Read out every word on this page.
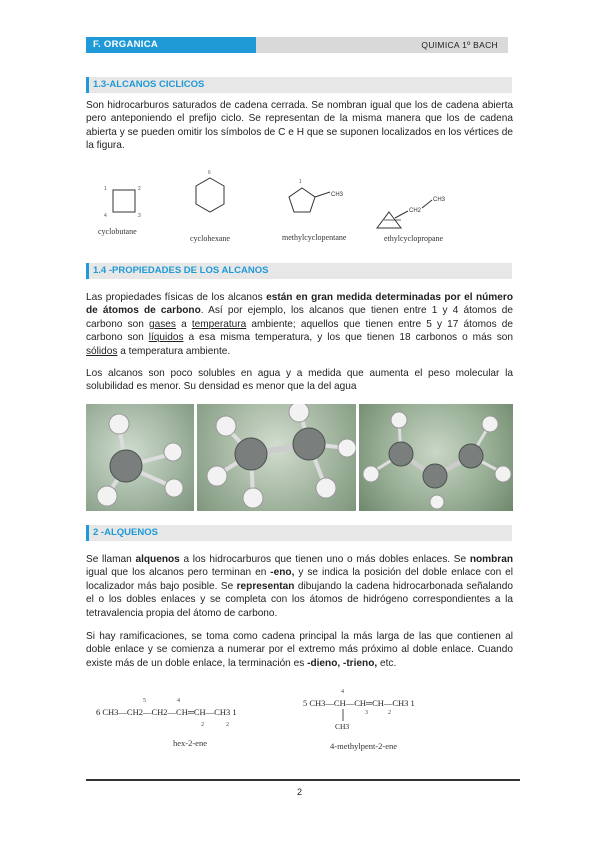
F. ORGANICA	QUIMICA 1º BACH
1.3-ALCANOS CICLICOS
Son hidrocarburos saturados de cadena cerrada. Se nombran igual que los de cadena abierta pero anteponiendo el prefijo ciclo. Se representan de la misma manera que los de cadena abierta y se pueden omitir los símbolos de C e H que se suponen localizados en los vértices de la figura.
1	2
4	3
6
CH3
1
CH2
CH3
cyclobutane
cyclohexane	methylcyclopentane	ethylcyclopropane
1.4 -PROPIEDADES DE LOS ALCANOS
Las propiedades físicas de los alcanos están en gran medida determinadas por el número de átomos de carbono. Así por ejemplo, los alcanos que tienen entre 1 y 4 átomos de carbono son gases a temperatura ambiente; aquellos que tienen entre 5 y 17 átomos de carbono son líquidos a esa misma temperatura, y los que tienen 18 carbonos o más son sólidos a temperatura ambiente.
Los alcanos son poco solubles en agua y a medida que aumenta el peso molecular la solubilidad es menor. Su densidad es menor que la del agua
2 -ALQUENOS
Se llaman alquenos a los hidrocarburos que tienen uno o más dobles enlaces. Se nombran igual que los alcanos pero terminan en -eno, y se indica la posición del doble enlace con el localizador más bajo posible. Se representan dibujando la cadena hidrocarbonada señalando el o los dobles enlaces y se completa con los átomos de hidrógeno correspondientes a la tetravalencia propia del átomo de carbono.
Si hay ramificaciones, se toma como cadena principal la más larga de las que contienen al doble enlace y se comienza a numerar por el extremo más próximo al doble enlace. Cuando existe más de un doble enlace, la terminación es -dieno, -trieno, etc.
5	4
6 CH3—CH2—CH2—CH═CH—CH3 1
2	2
hex-2-ene
4
5 CH3—CH—CH═CH—CH3 1
3	2
CH3
4-methylpent-2-ene
2
